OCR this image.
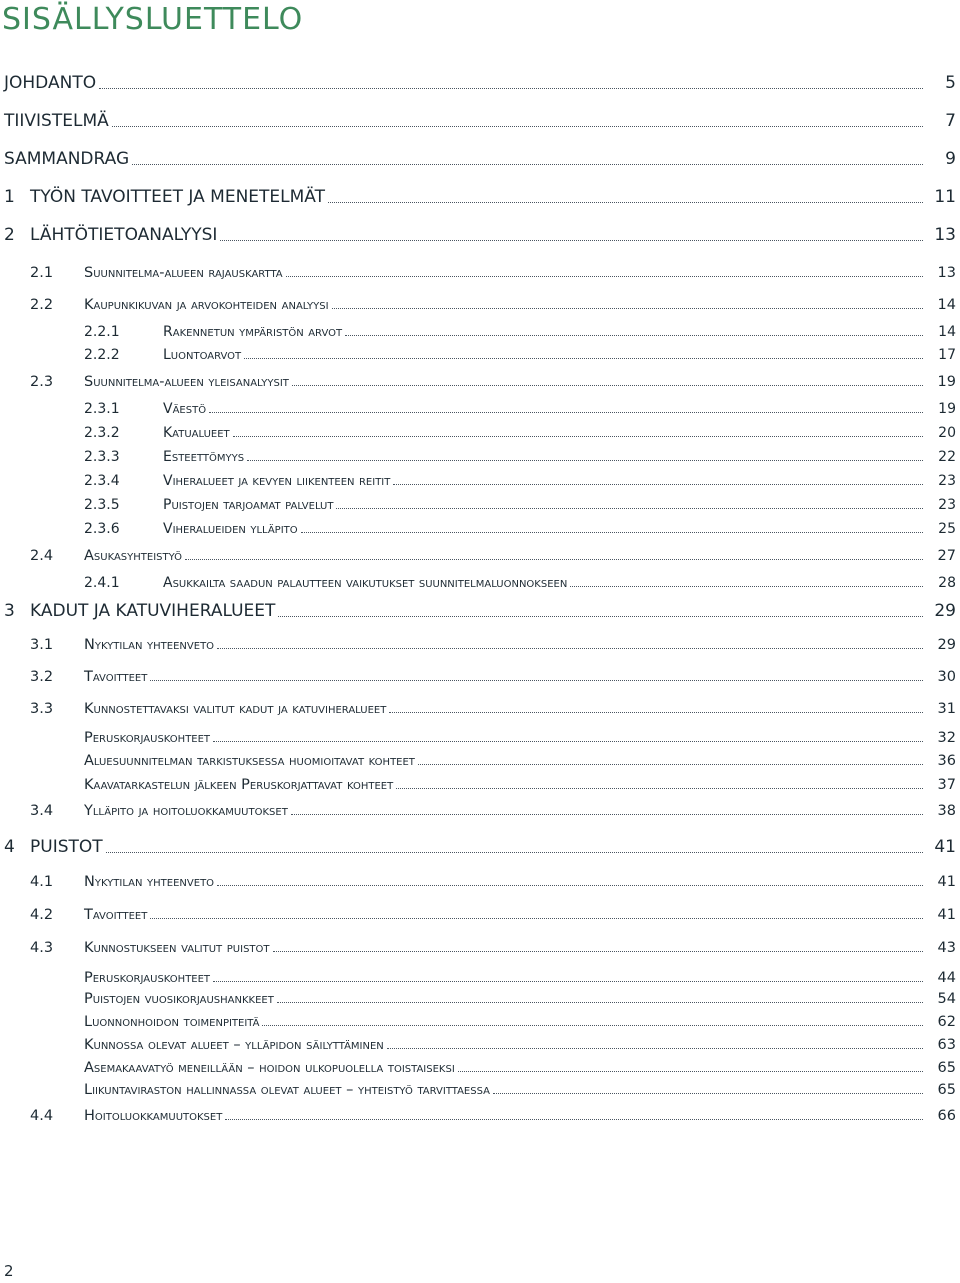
SISÄLLYSLUETTELO
JOHDANTO	5
TIIVISTELMÄ	7
SAMMANDRAG	9
1 TYÖN TAVOITTEET JA MENETELMÄT	11
2 LÄHTÖTIETOANALYYSI	13
2.1 Suunnitelma-alueen rajauskartta	13
2.2 Kaupunkikuvan ja arvokohteiden analyysi	14
2.2.1	Rakennetun ympäristön arvot	14
2.2.2	Luontoarvot	17
2.3 Suunnitelma-alueen yleisanalyysit	19
2.3.1	Väestö	19
2.3.2	Katualueet	20
2.3.3	Esteettömyys	22
2.3.4	Viheralueet ja kevyen liikenteen reitit	23
2.3.5	Puistojen tarjoamat palvelut	23
2.3.6	Viheralueiden ylläpito	25
2.4 Asukasyhteistyö	27
2.4.1	Asukkailta saadun palautteen vaikutukset suunnitelmaluonnokseen	28
3 KADUT JA KATUVIHERALUEET	29
3.1 Nykytilan yhteenveto	29
3.2 Tavoitteet	30
3.3 Kunnostettavaksi valitut kadut ja katuviheralueet	31
Peruskorjauskohteet	32
Aluesuunnitelman tarkistuksessa huomioitavat kohteet	36
Kaavatarkastelun jälkeen Peruskorjattavat kohteet	37
3.4 Ylläpito ja hoitoluokkamuutokset	38
4 PUISTOT	41
4.1 Nykytilan yhteenveto	41
4.2 Tavoitteet	41
4.3 Kunnostukseen valitut puistot	43
Peruskorjauskohteet	44
Puistojen vuosikorjaushankkeet	54
Luonnonhoidon toimenpiteitä	62
Kunnossa olevat alueet – ylläpidon säilyttäminen	63
Asemakaavatyö meneillään – hoidon ulkopuolella toistaiseksi	65
Liikuntaviraston hallinnassa olevat alueet – yhteistyö tarvittaessa	65
4.4 Hoitoluokkamuutokset	66
2
